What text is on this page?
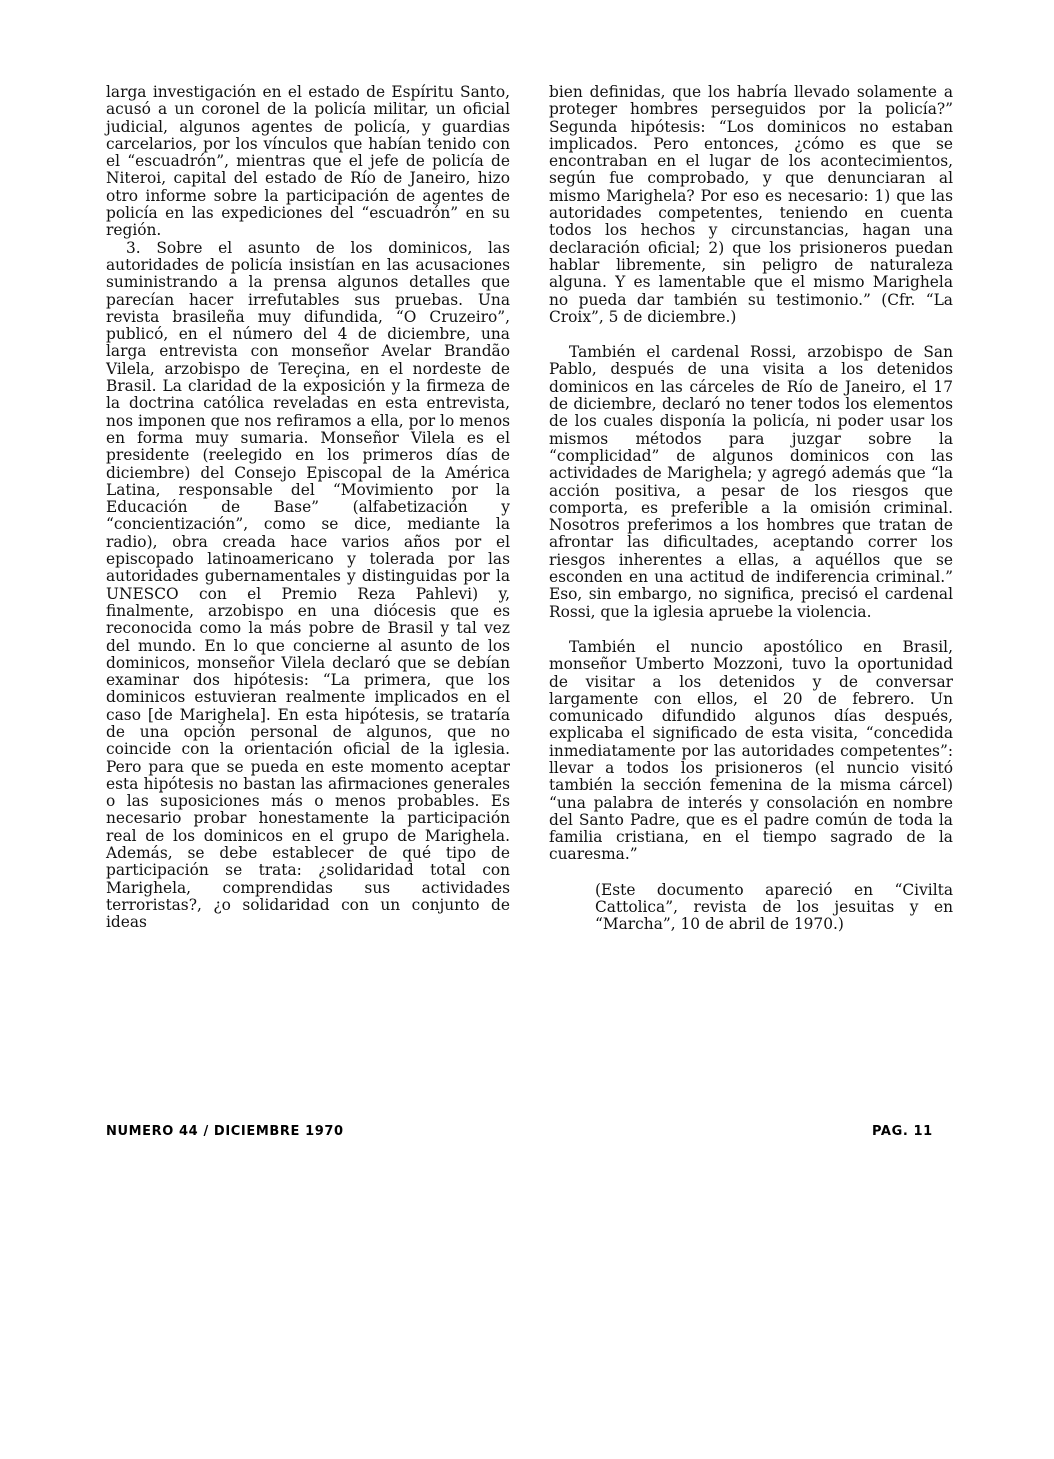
larga investigación en el estado de Espíritu Santo, acusó a un coronel de la policía militar, un oficial judicial, algunos agentes de policía, y guardias carcelarios, por los vínculos que habían tenido con el “escuadrón”, mientras que el jefe de policía de Niteroi, capital del estado de Río de Janeiro, hizo otro informe sobre la participación de agentes de policía en las expediciones del “escuadrón” en su región.

3. Sobre el asunto de los dominicos, las autoridades de policía insistían en las acusaciones suministrando a la prensa algunos detalles que parecían hacer irrefutables sus pruebas. Una revista brasileña muy difundida, “O Cruzeiro”, publicó, en el número del 4 de diciembre, una larga entrevista con monseñor Avelar Brandão Vilela, arzobispo de Tereçina, en el nordeste de Brasil. La claridad de la exposición y la firmeza de la doctrina católica reveladas en esta entrevista, nos imponen que nos refiramos a ella, por lo menos en forma muy sumaria. Monseñor Vilela es el presidente (reelegido en los primeros días de diciembre) del Consejo Episcopal de la América Latina, responsable del “Movimiento por la Educación de Base” (alfabetización y “concientización”, como se dice, mediante la radio), obra creada hace varios años por el episcopado latinoamericano y tolerada por las autoridades gubernamentales y distinguidas por la UNESCO con el Premio Reza Pahlevi) y, finalmente, arzobispo en una diócesis que es reconocida como la más pobre de Brasil y tal vez del mundo. En lo que concierne al asunto de los dominicos, monseñor Vilela declaró que se debían examinar dos hipótesis: “La primera, que los dominicos estuvieran realmente implicados en el caso [de Marighela]. En esta hipótesis, se trataría de una opción personal de algunos, que no coincide con la orientación oficial de la iglesia. Pero para que se pueda en este momento aceptar esta hipótesis no bastan las afirmaciones generales o las suposiciones más o menos probables. Es necesario probar honestamente la participación real de los dominicos en el grupo de Marighela. Además, se debe establecer de qué tipo de participación se trata: ¿solidaridad total con Marighela, comprendidas sus actividades terroristas?, ¿o solidaridad con un conjunto de ideas

bien definidas, que los habría llevado solamente a proteger hombres perseguidos por la policía?” Segunda hipótesis: “Los dominicos no estaban implicados. Pero entonces, ¿cómo es que se encontraban en el lugar de los acontecimientos, según fue comprobado, y que denunciaran al mismo Marighela? Por eso es necesario: 1) que las autoridades competentes, teniendo en cuenta todos los hechos y circunstancias, hagan una declaración oficial; 2) que los prisioneros puedan hablar libremente, sin peligro de naturaleza alguna. Y es lamentable que el mismo Marighela no pueda dar también su testimonio.” (Cfr. “La Croix”, 5 de diciembre.)

También el cardenal Rossi, arzobispo de San Pablo, después de una visita a los detenidos dominicos en las cárceles de Río de Janeiro, el 17 de diciembre, declaró no tener todos los elementos de los cuales disponía la policía, ni poder usar los mismos métodos para juzgar sobre la “complicidad” de algunos dominicos con las actividades de Marighela; y agregó además que “la acción positiva, a pesar de los riesgos que comporta, es preferible a la omisión criminal. Nosotros preferimos a los hombres que tratan de afrontar las dificultades, aceptando correr los riesgos inherentes a ellas, a aquéllos que se esconden en una actitud de indiferencia criminal.” Eso, sin embargo, no significa, precisó el cardenal Rossi, que la iglesia apruebe la violencia.

También el nuncio apostólico en Brasil, monseñor Umberto Mozzoni, tuvo la oportunidad de visitar a los detenidos y de conversar largamente con ellos, el 20 de febrero. Un comunicado difundido algunos días después, explicaba el significado de esta visita, “concedida inmediatamente por las autoridades competentes”: llevar a todos los prisioneros (el nuncio visitó también la sección femenina de la misma cárcel) “una palabra de interés y consolación en nombre del Santo Padre, que es el padre común de toda la familia cristiana, en el tiempo sagrado de la cuaresma.”

(Este documento apareció en “Civilta Cattolica”, revista de los jesuitas y en “Marcha”, 10 de abril de 1970.)

NUMERO 44 / DICIEMBRE 1970	PAG. 11
